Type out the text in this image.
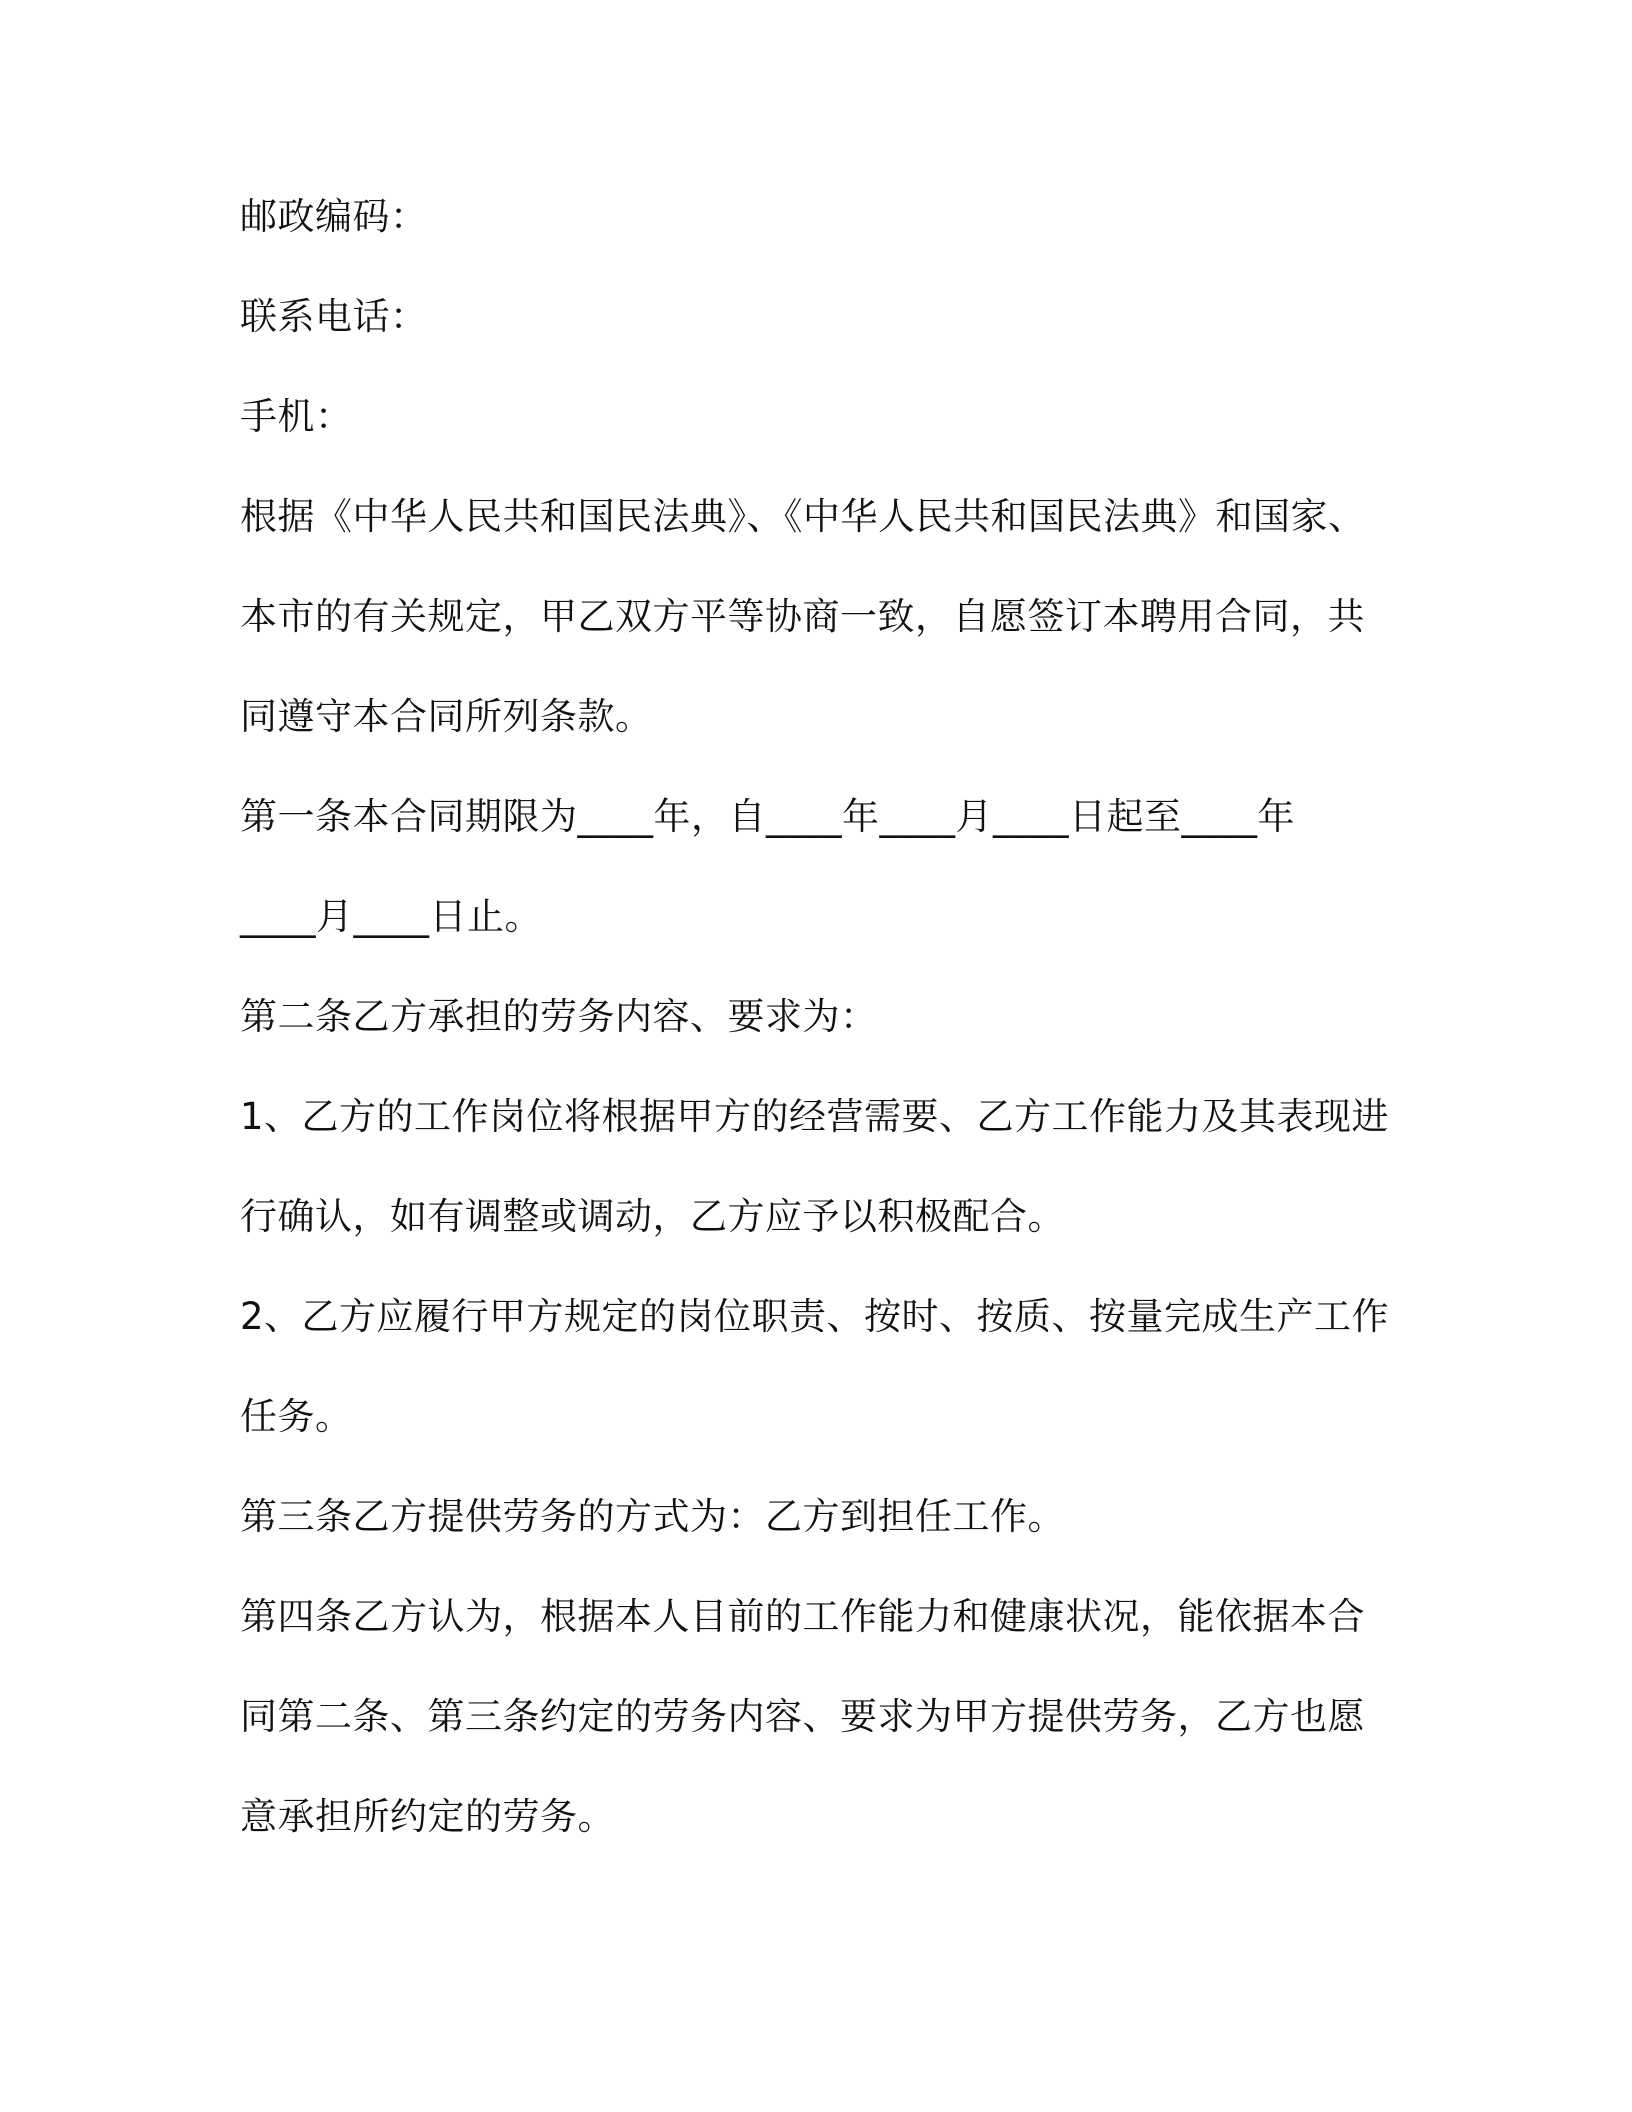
邮政编码：

联系电话：

手机：

根据《中华人民共和国民法典》、《中华人民共和国民法典》和国家、

本市的有关规定，甲乙双方平等协商一致，自愿签订本聘用合同，共

同遵守本合同所列条款。

第一条本合同期限为____年，自____年____月____日起至____年

____月____日止。

第二条乙方承担的劳务内容、要求为：

1、乙方的工作岗位将根据甲方的经营需要、乙方工作能力及其表现进

行确认，如有调整或调动，乙方应予以积极配合。

2、乙方应履行甲方规定的岗位职责、按时、按质、按量完成生产工作

任务。

第三条乙方提供劳务的方式为：乙方到担任工作。

第四条乙方认为，根据本人目前的工作能力和健康状况，能依据本合

同第二条、第三条约定的劳务内容、要求为甲方提供劳务，乙方也愿

意承担所约定的劳务。
